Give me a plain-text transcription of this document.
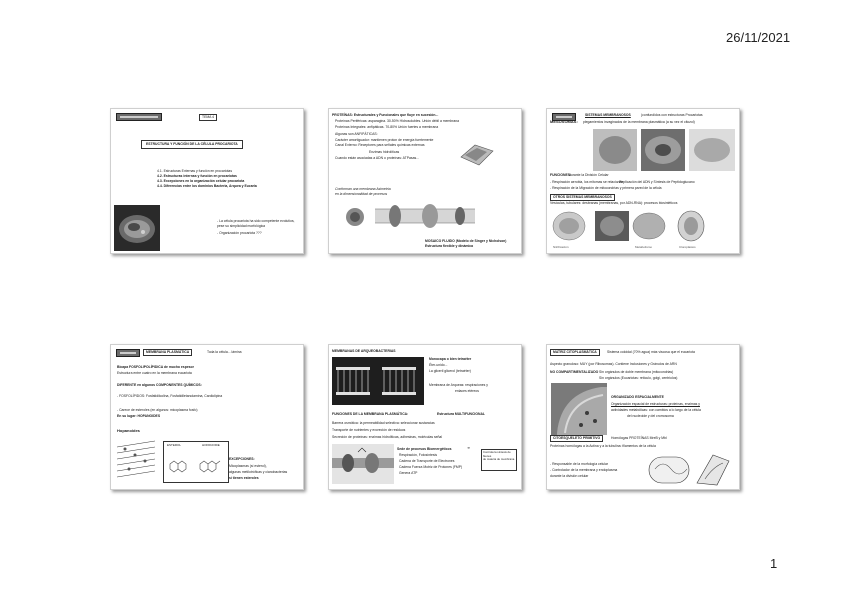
26/11/2021
TEMA 4
ESTRUCTURA Y FUNCIÓN DE LA CÉLULA PROCARIOTA
4.1. Estructuras Externas y función en procariotas
4.2. Estructuras internas y función en procariotas
4.3. Excepciones en la organización celular procariota
4.4. Diferencias entre los dominios Bacteria, Arquea y Eucaria
- La célula procariota ha sido competente evolutiva,
pese su simplicidad morfológica
- Organización procariota ???
PROTEÍNAS: Estructurales y Funcionales que fluye en sucesión...
Proteínas Periféricas: asparagina. 30-50% Hidrosolubles. Unión débil a membrana
Proteínas Integrales: anfipáticas. 70-80% Unión fuertes a membrana
Algunas son ANFIPÁTICAS:
Carácter amortiguador: mantienen proton de energía fuertemente
Canal Externo: Receptores para señales químicas externas
Enzimas hidrolíticas
Cuando están asociadas a ADN o proteínas: ATPasas...
Conforman una membrana Asimetría
en la dimensionalidad de procesos
MOSAICO FLUIDO (Modelo de Singer y Nicholson)
Estructura flexible y dinámica
SISTEMAS MEMBRANOSOS	(confundidos con estructuras Procariotas
MESOSOMAS: plegamientos invaginados de la membrana plasmática (a su vez el citozol)
FUNCIONES:
durante la División Celular
- Respiración aerobia, los mitomas se relacionan
- Replicación del ADN y Síntesis de Peptidoglucano
- Respiración de la Migración de mitocondrias y primera pared de la célula
OTROS SISTEMAS MEMBRANOSOS
Vesículas, tubulares: desbranas (membranas, por ADN-RNA): procesos biosintéticos
Nitrificación	Metabolismo	Cloroplastos
MEMBRANA PLASMÁTICA	Toda la célula... lámina
Bicapa FOSFOLIPOLÍPIDICA de mucho espesor
Estructura entre cuatro en la membrana eucariota
DIFERENTE en algunos COMPONENTES QUÍMICOS:
- FOSFOLÍPIDOS: Fosfatidilcolina, Fosfatidiletanolamina, Cardiolipina
- Carece de esteroles (en algunos: micoplasma fosfo)
En su lugar: HOPANOIDES
Hopanoides
ESTEROL	HOPANOIDE
EXCEPCIONES:
Micoplasmas (sí esterol),
algunas metilotróficas y cianobacterias
sí tienen esteroles
MEMBRANAS DE ARQUEOBACTERIAS
Monocapa o bien tetraéter
Éter-unido...
La gliceril glicerol (tetraéter)
Membrana de Arqueas: respiraciones y
enlaces etéreos
FUNCIONES DE LA MEMBRANA PLASMÁTICA:	Estructura MULTIFUNCIONAL
Barrera osmótica: la permeabilidad selectiva: seleccionar sustancias
Transporte de nutrientes y excreción de residuos
Secreción de proteínas: enzimas hidrolíticas, adhesinas, moléculas señal
Sede de procesos Bioenergéticos	➜
Respiración, Fotosíntesis
Cadena de Transporte de Electrones
Cadena Fuerza Motriz de Protones (FMP)
Genera ATP
Controla la síntesis de bienes
de materia de membrana
MATRIZ CITOPLASMÁTICA	Sistema coloidal (70% agua) más viscosa que el eucariota
Aspecto granuloso: MUY (por Ribosomas). Contiene Inclusiones y Gránulos de ARN
NO COMPARTIMENTALIZADO Sin orgánulos de doble membrana (mitocondrias)
Sin orgánulos (Eucariotas: retículo, golgi, centriolos)
ORGANIZADO ESPACIALMENTE
Organización espacial de estructuras: proteínas, enzimas y
actividades metabólicas: con cambios a lo largo de la célula
del nucleoide y del cromosoma
CITOESQUELETO PRIMITIVO	Homólogas PROTEÍNAS MreB y Mbl
Proteínas homólogas a la Actina y a la tubulina: filamentos de la célula
- Responsable de la morfología celular
- Controlador de la membrana y endoplasma
durante la división celular
1
